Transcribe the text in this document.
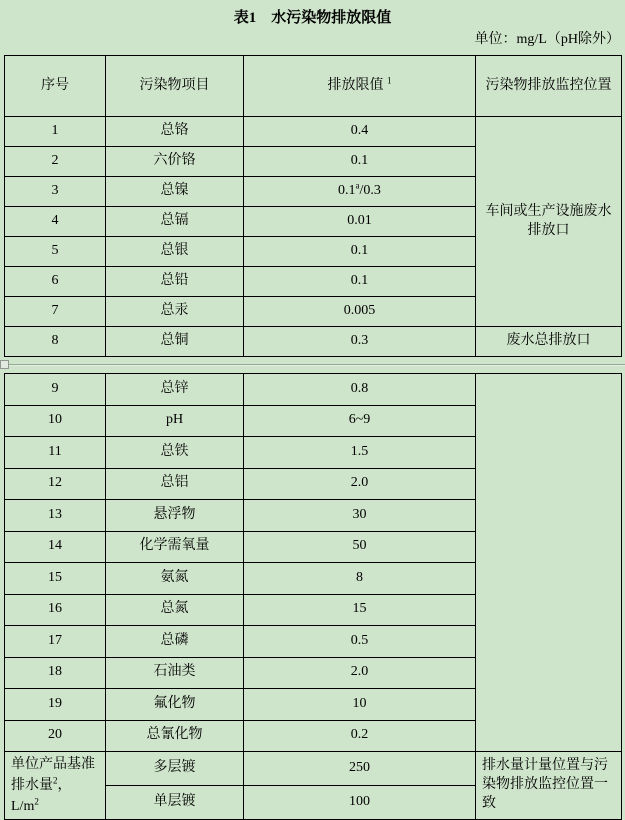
表1　水污染物排放限值
单位：mg/L（pH除外）
序号	污染物项目	排放限值 $^1$	污染物排放监控位置
1	总铬	0.4	车间或生产设施废水排放口
2	六价铬	0.1	
3	总镍	0.1$^a$/0.3	
4	总镉	0.01	
5	总银	0.1	
6	总铅	0.1	
7	总汞	0.005	
8	总铜	0.3	废水总排放口
9	总锌	0.8	
10	pH	6~9	
11	总铁	1.5	
12	总铝	2.0	
13	悬浮物	30	
14	化学需氧量	50	
15	氨氮	8	
16	总氮	15	
17	总磷	0.5	
18	石油类	2.0	
19	氟化物	10	
20	总氰化物	0.2	
单位产品基准排水量$^2$，$L/m^2$	多层镀	250	排水量计量位置与污染物排放监控位置一致
	单层镀	100	
